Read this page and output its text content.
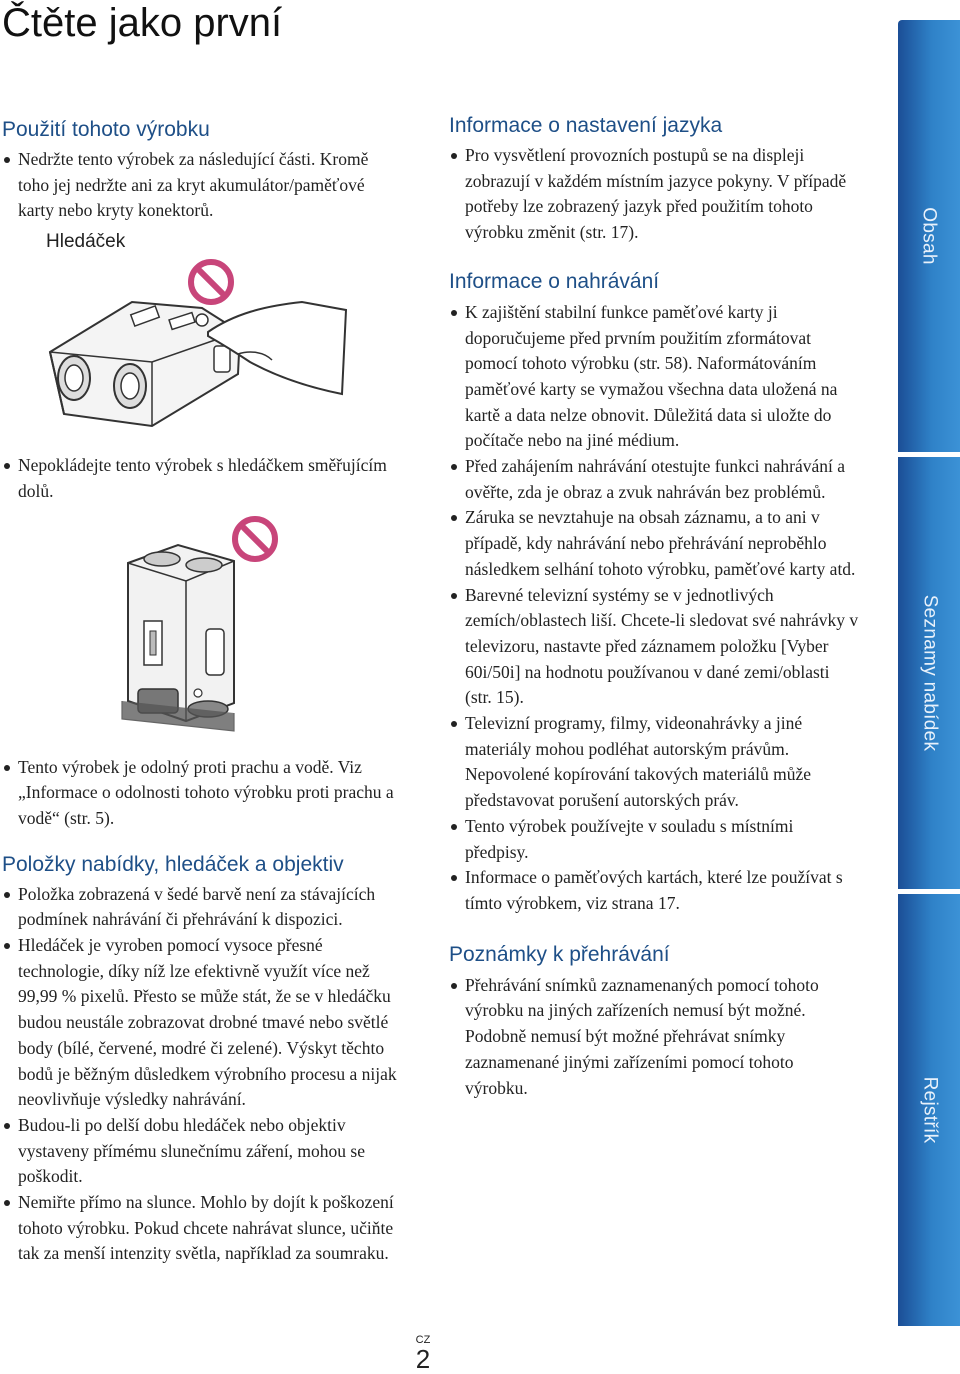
Čtěte jako první
Použití tohoto výrobku
Nedržte tento výrobek za následující části. Kromě toho jej nedržte ani za kryt akumulátor/paměťové karty nebo kryty konektorů.
Hledáček
Nepokládejte tento výrobek s hledáčkem směřujícím dolů.
Tento výrobek je odolný proti prachu a vodě. Viz „Informace o odolnosti tohoto výrobku proti prachu a vodě“ (str. 5).
Položky nabídky, hledáček a objektiv
Položka zobrazená v šedé barvě není za stávajících podmínek nahrávání či přehrávání k dispozici.
Hledáček je vyroben pomocí vysoce přesné technologie, díky níž lze efektivně využít více než 99,99 % pixelů. Přesto se může stát, že se v hledáčku budou neustále zobrazovat drobné tmavé nebo světlé body (bílé, červené, modré či zelené). Výskyt těchto bodů je běžným důsledkem výrobního procesu a nijak neovlivňuje výsledky nahrávání.
Budou-li po delší dobu hledáček nebo objektiv vystaveny přímému slunečnímu záření, mohou se poškodit.
Nemiřte přímo na slunce. Mohlo by dojít k poškození tohoto výrobku. Pokud chcete nahrávat slunce, učiňte tak za menší intenzity světla, například za soumraku.
Informace o nastavení jazyka
Pro vysvětlení provozních postupů se na displeji zobrazují v každém místním jazyce pokyny. V případě potřeby lze zobrazený jazyk před použitím tohoto výrobku změnit (str. 17).
Informace o nahrávání
K zajištění stabilní funkce paměťové karty ji doporučujeme před prvním použitím zformátovat pomocí tohoto výrobku (str. 58). Naformátováním paměťové karty se vymažou všechna data uložená na kartě a data nelze obnovit. Důležitá data si uložte do počítače nebo na jiné médium.
Před zahájením nahrávání otestujte funkci nahrávání a ověřte, zda je obraz a zvuk nahráván bez problémů.
Záruka se nevztahuje na obsah záznamu, a to ani v případě, kdy nahrávání nebo přehrávání neproběhlo následkem selhání tohoto výrobku, paměťové karty atd.
Barevné televizní systémy se v jednotlivých zemích/oblastech liší. Chcete-li sledovat své nahrávky v televizoru, nastavte před záznamem položku [Vyber 60i/50i] na hodnotu používanou v dané zemi/oblasti (str. 15).
Televizní programy, filmy, videonahrávky a jiné materiály mohou podléhat autorským právům. Nepovolené kopírování takových materiálů může představovat porušení autorských práv.
Tento výrobek používejte v souladu s místními předpisy.
Informace o paměťových kartách, které lze používat s tímto výrobkem, viz strana 17.
Poznámky k přehrávání
Přehrávání snímků zaznamenaných pomocí tohoto výrobku na jiných zařízeních nemusí být možné. Podobně nemusí být možné přehrávat snímky zaznamenané jinými zařízeními pomocí tohoto výrobku.
Obsah
Seznamy nabídek
Rejstřík
CZ
2
